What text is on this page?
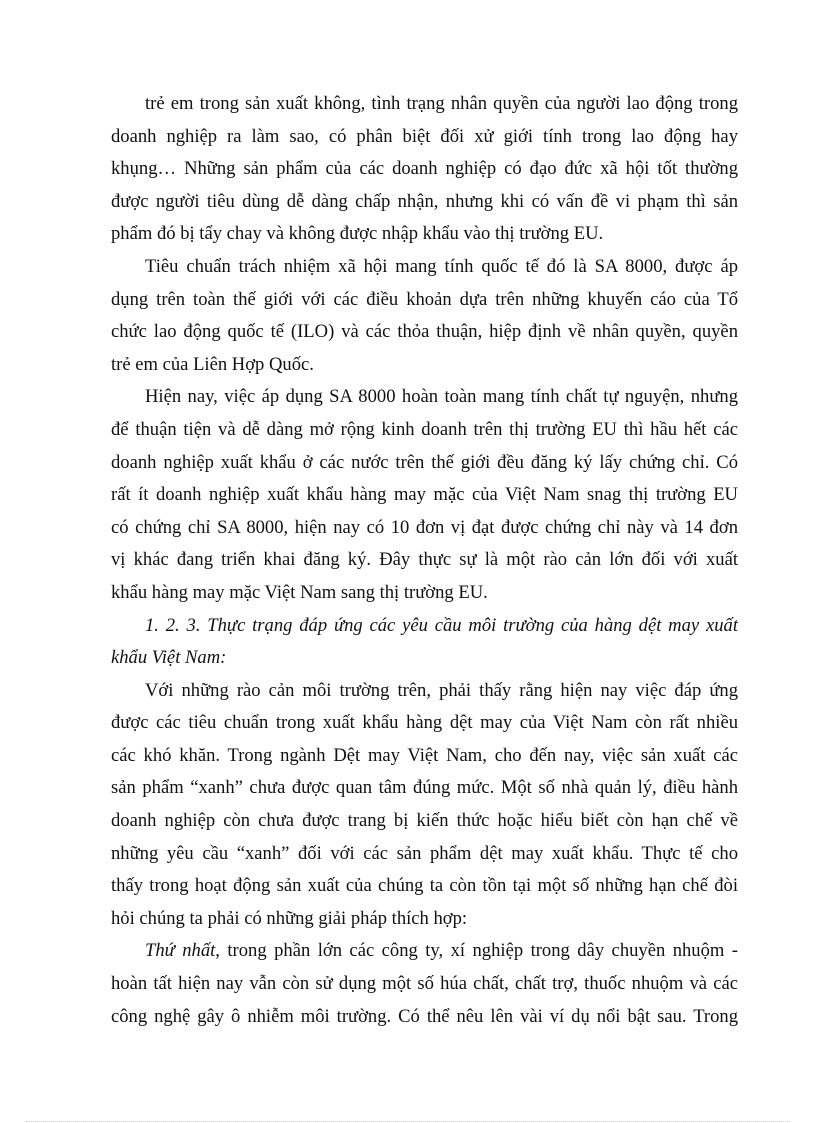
trẻ em trong sản xuất không, tình trạng nhân quyền của người lao động trong
doanh nghiệp ra làm sao, có phân biệt đối xử giới tính trong lao động hay
khụng… Những sản phẩm của các doanh nghiệp có đạo đức xã hội tốt thường
được người tiêu dùng dễ dàng chấp nhận, nhưng khi có vấn đề vi phạm thì sản
phẩm đó bị tẩy chay và không được nhập khẩu vào thị trường EU.
Tiêu chuẩn trách nhiệm xã hội mang tính quốc tế đó là SA 8000, được áp
dụng trên toàn thế giới với các điều khoản dựa trên những khuyến cáo của Tổ
chức lao động quốc tế (ILO) và các thỏa thuận, hiệp định về nhân quyền, quyền
trẻ em của Liên Hợp Quốc.
Hiện nay, việc áp dụng SA 8000 hoàn toàn mang tính chất tự nguyện, nhưng
để thuận tiện và dễ dàng mở rộng kinh doanh trên thị trường EU thì hầu hết các
doanh nghiệp xuất khẩu ở các nước trên thế giới đều đăng ký lấy chứng chỉ. Có
rất ít doanh nghiệp xuất khẩu hàng may mặc của Việt Nam snag thị trường EU
có chứng chỉ SA 8000, hiện nay có 10 đơn vị đạt được chứng chỉ này và 14 đơn
vị khác đang triển khai đăng ký. Đây thực sự là một rào cản lớn đối với xuất
khẩu hàng may mặc Việt Nam sang thị trường EU.
1. 2. 3. Thực trạng đáp ứng các yêu cầu môi trường của hàng dệt may xuất
khẩu Việt Nam:
Với những rào cản môi trường trên, phải thấy rằng hiện nay việc đáp ứng
được các tiêu chuẩn trong xuất khẩu hàng dệt may của Việt Nam còn rất nhiều
các khó khăn. Trong ngành Dệt may Việt Nam, cho đến nay, việc sản xuất các
sản phẩm “xanh” chưa được quan tâm đúng mức. Một số nhà quản lý, điều hành
doanh nghiệp còn chưa được trang bị kiến thức hoặc hiểu biết còn hạn chế về
những yêu cầu “xanh” đối với các sản phẩm dệt may xuất khẩu. Thực tế cho
thấy trong hoạt động sản xuất của chúng ta còn tồn tại một số những hạn chế đòi
hỏi chúng ta phải có những giải pháp thích hợp:
Thứ nhất, trong phần lớn các công ty, xí nghiệp trong dây chuyền nhuộm -
hoàn tất hiện nay vẫn còn sử dụng một số húa chất, chất trợ, thuốc nhuộm và các
công nghệ gây ô nhiễm môi trường. Có thể nêu lên vài ví dụ nổi bật sau. Trong
